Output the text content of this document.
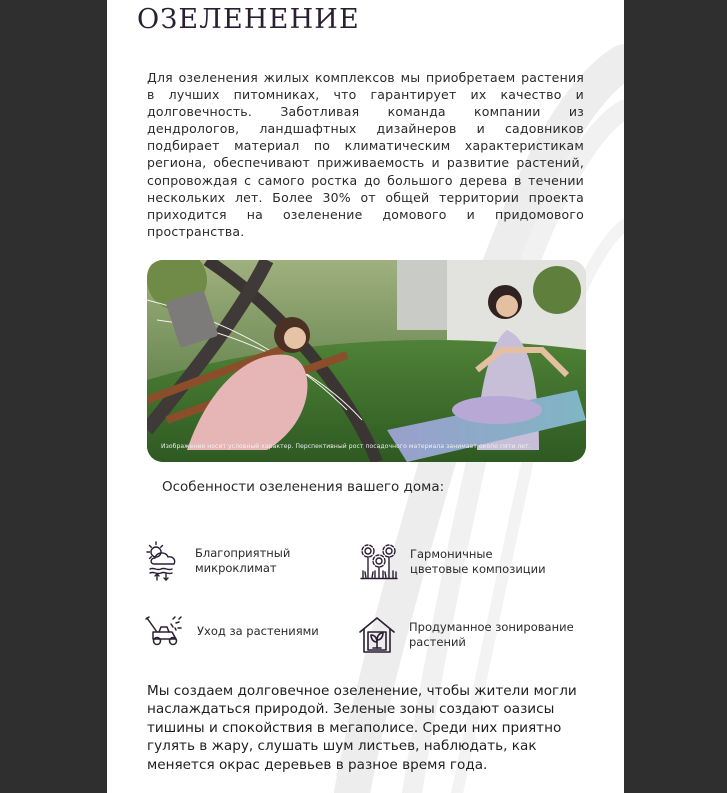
ОЗЕЛЕНЕНИЕ

Для озеленения жилых комплексов мы приобретаем растения в лучших питомниках, что гарантирует их качество и долговечность. Заботливая команда компании из дендрологов, ландшафтных дизайнеров и садовников подбирает материал по климатическим характеристикам региона, обеспечивают приживаемость и развитие растений, сопровождая с самого ростка до большого дерева в течении нескольких лет. Более 30% от общей территории проекта приходится на озеленение домового и придомового пространства.

Изображение носит условный характер. Перспективный рост посадочного материала занимает около пяти лет.
Особенности озеленения вашего дома:
Благоприятный
микроклимат
Гармоничные
цветовые композиции
Уход за растениями	Продуманное зонирование
растений

Мы создаем долговечное озеленение, чтобы жители могли наслаждаться природой. Зеленые зоны создают оазисы тишины и спокойствия в мегаполисе. Среди них приятно гулять в жару, слушать шум листьев, наблюдать, как меняется окрас деревьев в разное время года.
